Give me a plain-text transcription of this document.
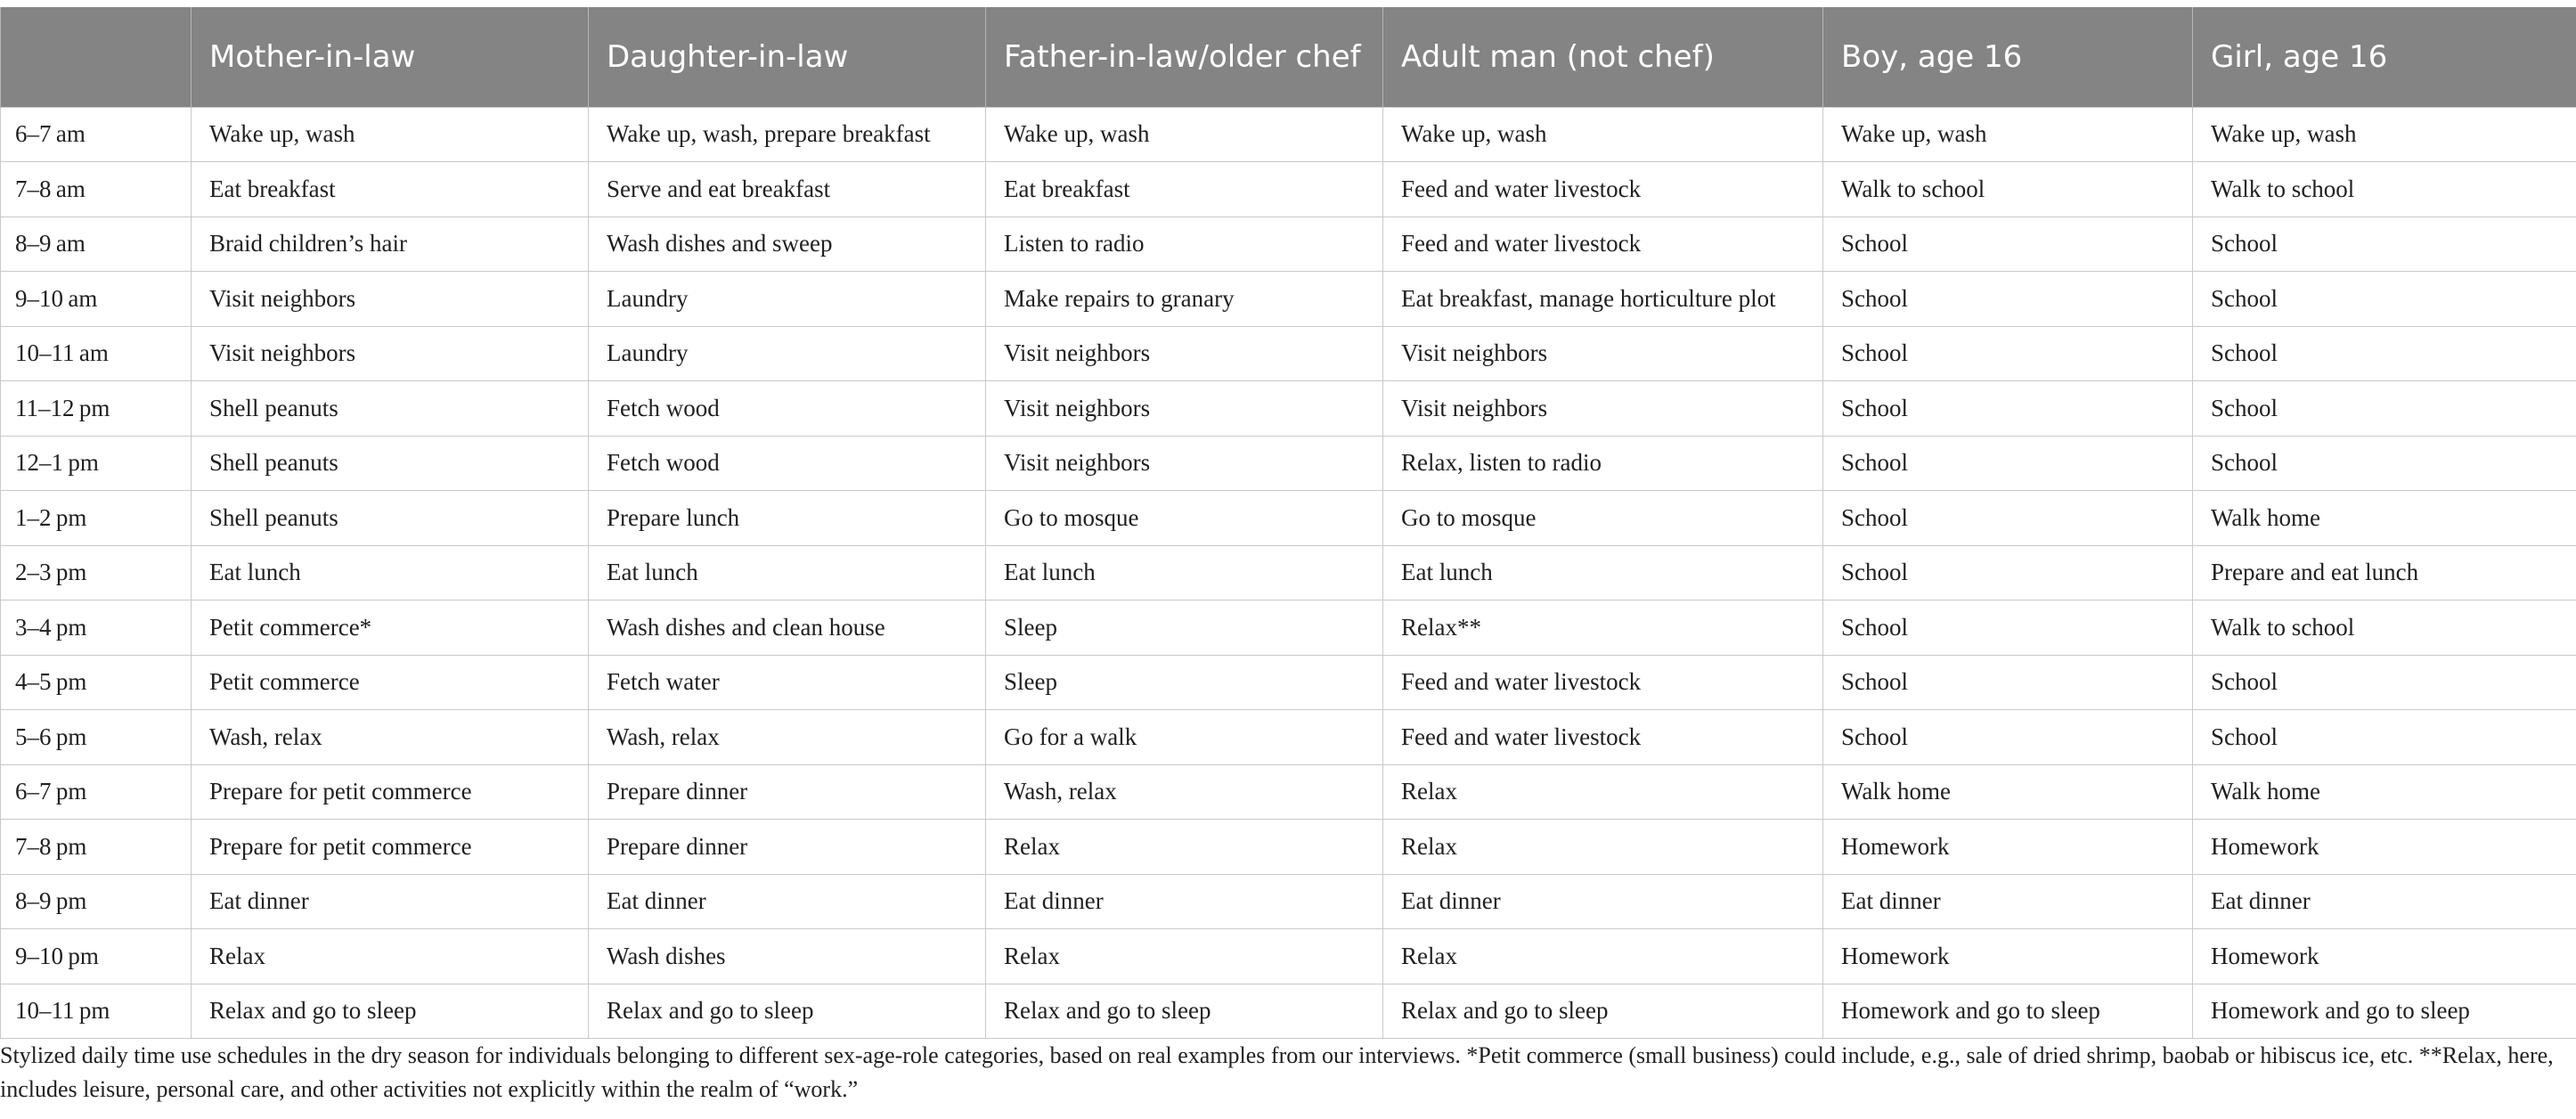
	Mother-in-law	Daughter-in-law	Father-in-law/older chef	Adult man (not chef)	Boy, age 16	Girl, age 16
6–7 am	Wake up, wash	Wake up, wash, prepare breakfast	Wake up, wash	Wake up, wash	Wake up, wash	Wake up, wash
7–8 am	Eat breakfast	Serve and eat breakfast	Eat breakfast	Feed and water livestock	Walk to school	Walk to school
8–9 am	Braid children’s hair	Wash dishes and sweep	Listen to radio	Feed and water livestock	School	School
9–10 am	Visit neighbors	Laundry	Make repairs to granary	Eat breakfast, manage horticulture plot	School	School
10–11 am	Visit neighbors	Laundry	Visit neighbors	Visit neighbors	School	School
11–12 pm	Shell peanuts	Fetch wood	Visit neighbors	Visit neighbors	School	School
12–1 pm	Shell peanuts	Fetch wood	Visit neighbors	Relax, listen to radio	School	School
1–2 pm	Shell peanuts	Prepare lunch	Go to mosque	Go to mosque	School	Walk home
2–3 pm	Eat lunch	Eat lunch	Eat lunch	Eat lunch	School	Prepare and eat lunch
3–4 pm	Petit commerce*	Wash dishes and clean house	Sleep	Relax**	School	Walk to school
4–5 pm	Petit commerce	Fetch water	Sleep	Feed and water livestock	School	School
5–6 pm	Wash, relax	Wash, relax	Go for a walk	Feed and water livestock	School	School
6–7 pm	Prepare for petit commerce	Prepare dinner	Wash, relax	Relax	Walk home	Walk home
7–8 pm	Prepare for petit commerce	Prepare dinner	Relax	Relax	Homework	Homework
8–9 pm	Eat dinner	Eat dinner	Eat dinner	Eat dinner	Eat dinner	Eat dinner
9–10 pm	Relax	Wash dishes	Relax	Relax	Homework	Homework
10–11 pm	Relax and go to sleep	Relax and go to sleep	Relax and go to sleep	Relax and go to sleep	Homework and go to sleep	Homework and go to sleep

Stylized daily time use schedules in the dry season for individuals belonging to different sex-age-role categories, based on real examples from our interviews. *Petit commerce (small business) could include, e.g., sale of dried shrimp, baobab or hibiscus ice, etc. **Relax, here, includes leisure, personal care, and other activities not explicitly within the realm of “work.”
